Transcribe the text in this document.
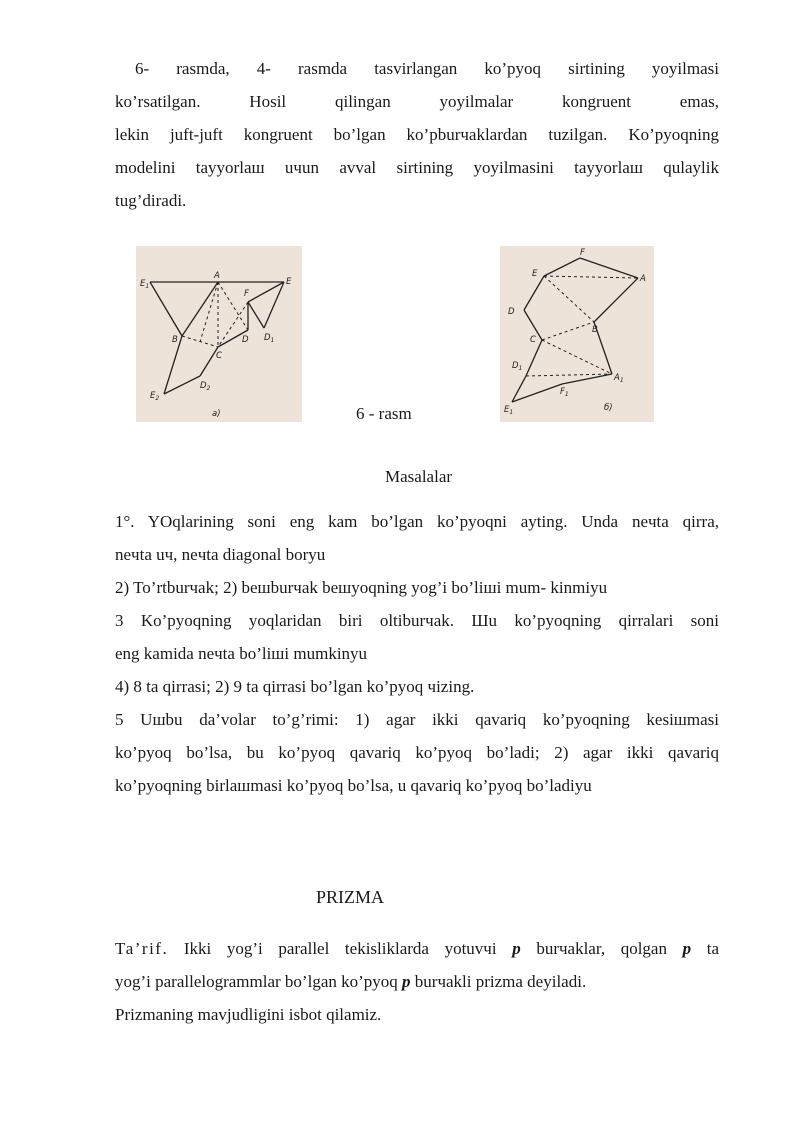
6- rasmda, 4- rasmda tasvirlangan ko’pyoq sirtining yoyilmasi
ko’rsatilgan. Hosil qilingan yoyilmalar kongruent emas,
lekin juft-juft kongruent bo’lgan ko’pburчaklardan tuzilgan. Ko’pyoqning
modelini tayyorlaш uчun avval sirtining yoyilmasini tayyorlaш qulaylik
tug’diradi.
$E_1$
A
E
F
B
C
D $D_1$
$E_2$
$D_2$
a)	6 - rasm
F
E	A
D
B
C
$D_1$
$A_1$
$F_1$
$E_1$	б)
Masalalar
1°. YOqlarining soni eng kam bo’lgan ko’pyoqni ayting. Unda neчta qirra,
neчta uч, neчta diagonal boryu
2) To’rtburчak; 2) beшburчak beшyoqning yog’i bo’liшi mum- kinmiyu
3 Ko’pyoqning yoqlaridan biri oltiburчak. Шu ko’pyoqning qirralari soni
eng kamida neчta bo’liшi mumkinyu
4) 8 ta qirrasi; 2) 9 ta qirrasi bo’lgan ko’pyoq чizing.
5 Uшbu da’volar to’g’rimi: 1) agar ikki qavariq ko’pyoqning kesiшmasi
ko’pyoq bo’lsa, bu ko’pyoq qavariq ko’pyoq bo’ladi; 2) agar ikki qavariq
ko’pyoqning birlaшmasi ko’pyoq bo’lsa, u qavariq ko’pyoq bo’ladiyu
PRIZMA
Ta’rif. Ikki yog’i parallel tekisliklarda yotuvчi p burчaklar, qolgan p ta
yog’i parallelogrammlar bo’lgan ko’pyoq p burчakli prizma deyiladi.
Prizmaning mavjudligini isbot qilamiz.
